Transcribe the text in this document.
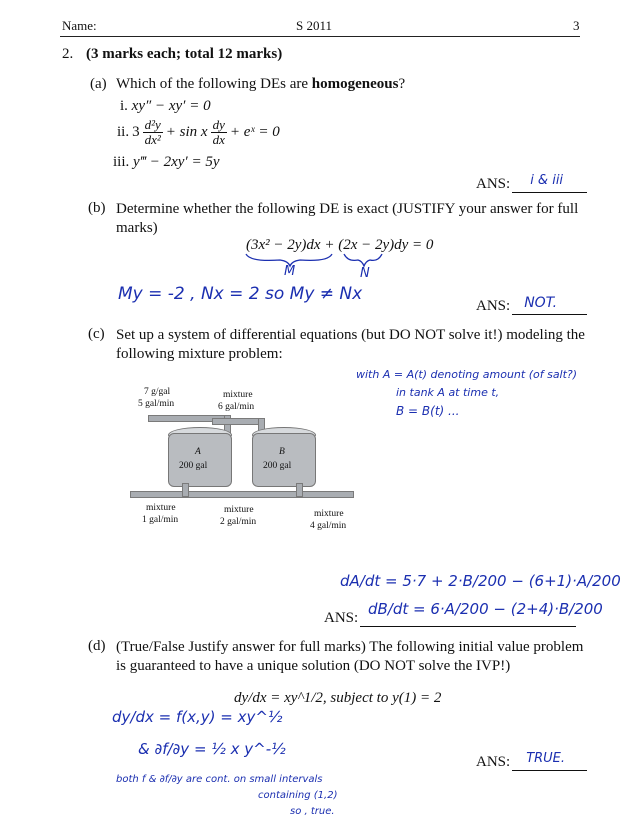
Name:	S 2011	3
2. (3 marks each; total 12 marks)
(a) Which of the following DEs are homogeneous?
i. xy″ − xy′ = 0
ii. $3 \frac{\text{d²y}}{\text{dx²}} + \sin x \frac{dy}{dx}$ + eˣ = 0
iii. y‴ − 2xy′ = 5y
ANS: i & iii
(b) Determine whether the following DE is exact (JUSTIFY your answer for full marks)
(3x² − 2y)dx + (2x − 2y)dy = 0
M	N
My = -2 , Nx = 2 so My ≠ Nx
ANS: NOT.
(c) Set up a system of differential equations (but DO NOT solve it!) modeling the following mixture problem:
with A = A(t) denoting amount (of salt?)
in tank A at time t,
B = B(t) ...
7 g/gal
5 gal/min
mixture
6 gal/min
A
200 gal
B
200 gal
mixture
1 gal/min
mixture
2 gal/min
mixture
4 gal/min
dA/dt = 5·7 + 2·B/200 − (6+1)·A/200
dB/dt = 6·A/200 − (2+4)·B/200
ANS:
(d) (True/False Justify answer for full marks) The following initial value problem is guaranteed to have a unique solution (DO NOT solve the IVP!)
dy/dx = xy^1/2, subject to y(1) = 2
dy/dx = f(x,y) = xy^½
& ∂f/∂y = ½ x y^-½
both f & ∂f/∂y are cont. on small intervals
containing (1,2)
so , true.
ANS: TRUE.
